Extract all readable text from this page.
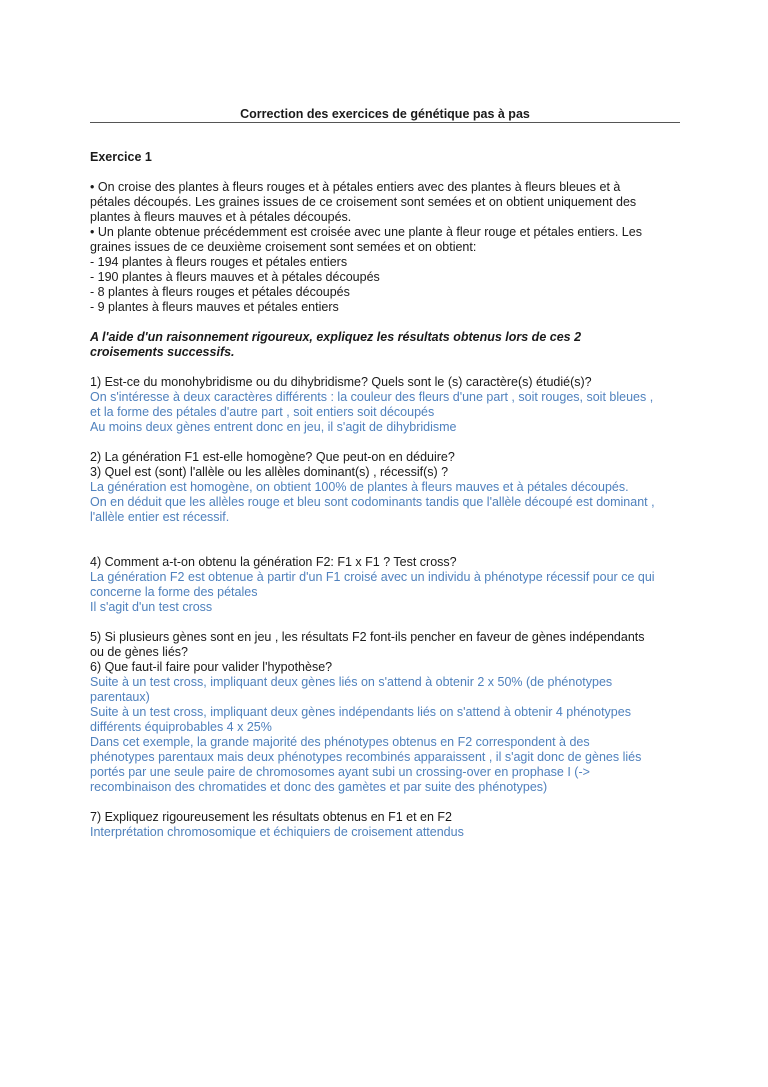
Correction des exercices de génétique pas à pas
Exercice 1
• On croise des plantes à fleurs rouges et à pétales entiers avec des plantes à fleurs bleues et à
pétales découpés. Les graines issues de ce croisement sont semées et on obtient uniquement des
plantes à fleurs mauves et à pétales découpés.
• Un plante obtenue précédemment est croisée avec une plante à fleur rouge et pétales entiers. Les
graines issues de ce deuxième croisement sont semées et on obtient:
- 194 plantes à fleurs rouges et pétales entiers
- 190 plantes à fleurs mauves et à pétales découpés
- 8 plantes à fleurs rouges et pétales découpés
- 9 plantes à fleurs mauves et pétales entiers
A l'aide d'un raisonnement rigoureux, expliquez les résultats obtenus lors de ces 2
croisements successifs.
1) Est-ce du monohybridisme ou du dihybridisme? Quels sont le (s) caractère(s) étudié(s)?
On s'intéresse à deux caractères différents : la couleur des fleurs d'une part , soit rouges, soit bleues ,
et la forme des pétales d'autre part , soit entiers soit découpés
Au moins deux gènes entrent donc en jeu, il s'agit de dihybridisme
2) La génération F1 est-elle homogène? Que peut-on en déduire?
3) Quel est (sont) l'allèle ou les allèles dominant(s) , récessif(s) ?
La génération est homogène, on obtient 100% de plantes à fleurs mauves et à pétales découpés.
On en déduit que les allèles rouge et bleu sont codominants tandis que l'allèle découpé est dominant ,
l'allèle entier est récessif.
4) Comment a-t-on obtenu la génération F2: F1 x F1 ? Test cross?
La génération F2 est obtenue à partir d'un F1 croisé avec un individu à phénotype récessif pour ce qui
concerne la forme des pétales
Il s'agit d'un test cross
5) Si plusieurs gènes sont en jeu , les résultats F2 font-ils pencher en faveur de gènes indépendants
ou de gènes liés?
6) Que faut-il faire pour valider l'hypothèse?
Suite à un test cross, impliquant deux gènes liés on s'attend à obtenir 2 x 50% (de phénotypes
parentaux)
Suite à un test cross, impliquant deux gènes indépendants liés on s'attend à obtenir 4 phénotypes
différents équiprobables 4 x 25%
Dans cet exemple, la grande majorité des phénotypes obtenus en F2 correspondent à des
phénotypes parentaux mais deux phénotypes recombinés apparaissent , il s'agit donc de gènes liés
portés par une seule paire de chromosomes ayant subi un crossing-over en prophase I (->
recombinaison des chromatides et donc des gamètes et par suite des phénotypes)
7) Expliquez rigoureusement les résultats obtenus en F1 et en F2
Interprétation chromosomique et échiquiers de croisement attendus
